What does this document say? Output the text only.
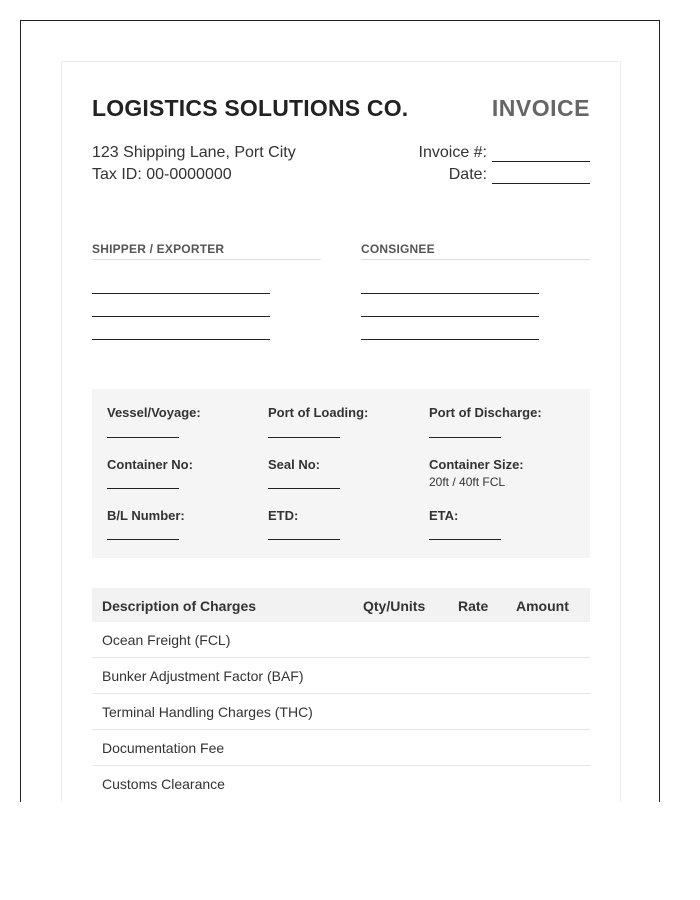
LOGISTICS SOLUTIONS CO.	INVOICE
123 Shipping Lane, Port City
Tax ID: 00-0000000
Invoice #:
Date:
SHIPPER / EXPORTER	CONSIGNEE
Vessel/Voyage:	Port of Loading:	Port of Discharge:
Container No:	Seal No:	Container Size:
20ft / 40ft FCL
B/L Number:	ETD:	ETA:
Description of Charges	Qty/Units Rate Amount
Ocean Freight (FCL)
Bunker Adjustment Factor (BAF)
Terminal Handling Charges (THC)
Documentation Fee
Customs Clearance
